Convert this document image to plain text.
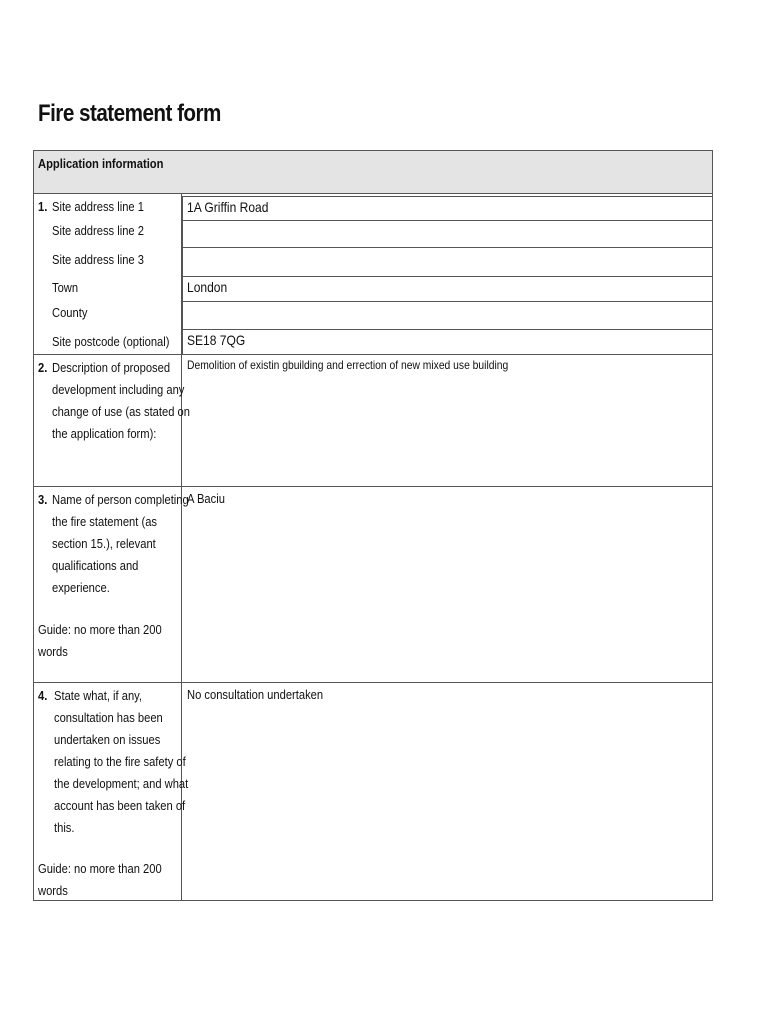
Fire statement form
Application information
1. Site address line 1
Site address line 2
Site address line 3
Town
County
Site postcode (optional)
1A Griffin Road
London
SE18 7QG
2. Description of proposed
development including any
change of use (as stated on
the application form):
Demolition of existin gbuilding and errection of new mixed use building
3. Name of person completing
the fire statement (as
section 15.), relevant
qualifications and
experience.
Guide: no more than 200
words
A Baciu
4. State what, if any,
consultation has been
undertaken on issues
relating to the fire safety of
the development; and what
account has been taken of
this.
Guide: no more than 200
words
No consultation undertaken
